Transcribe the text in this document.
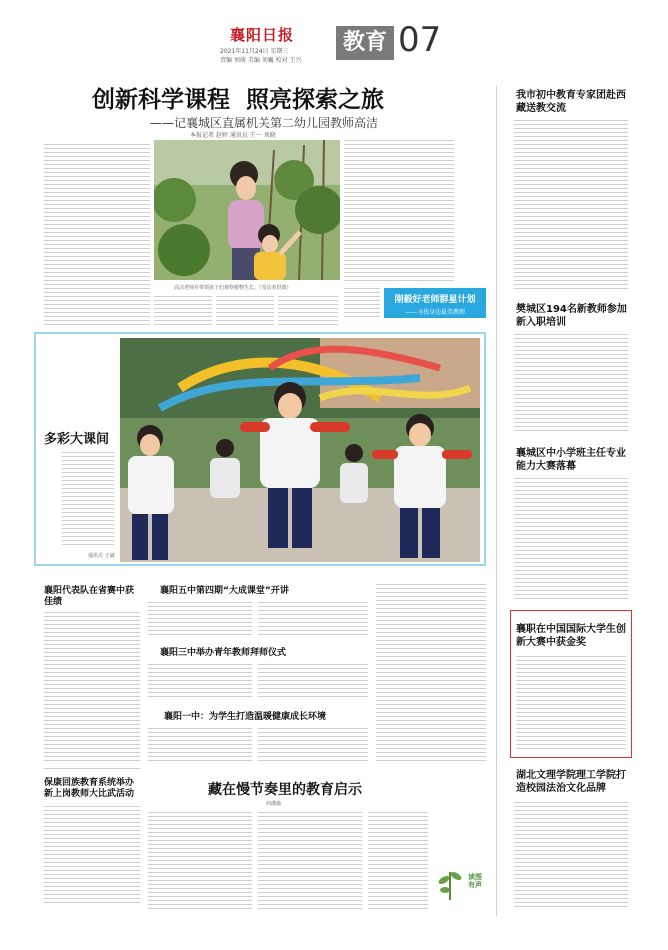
襄阳日报
2021年11月24日 星期三
责编 刘萌 美编 刘巍 校对 王兴
教育 07
创新科学课程  照亮探索之旅
——记襄城区直属机关第二幼儿园教师高洁
本报记者 赵婷 通讯员 王一 刘晓
高洁老师在带领孩子们观察植物生长。（受访者供图）
刚毅好老师群星计划
——寻找身边最美教师
多彩大课间
通讯员 王斌
襄阳代表队在省赛中获佳绩
保康回族教育系统举办新上岗教师大比武活动
襄阳五中第四期“大成课堂”开讲
襄阳三中举办青年教师拜师仪式
襄阳一中：为学生打造温暖健康成长环境
藏在慢节奏里的教育启示
何瑾瑜
读图有声
我市初中教育专家团赴西藏送教交流
樊城区194名新教师参加新入职培训
襄城区中小学班主任专业能力大赛落幕
襄职在中国国际大学生创新大赛中获金奖
湖北文理学院理工学院打造校园法治文化品牌
